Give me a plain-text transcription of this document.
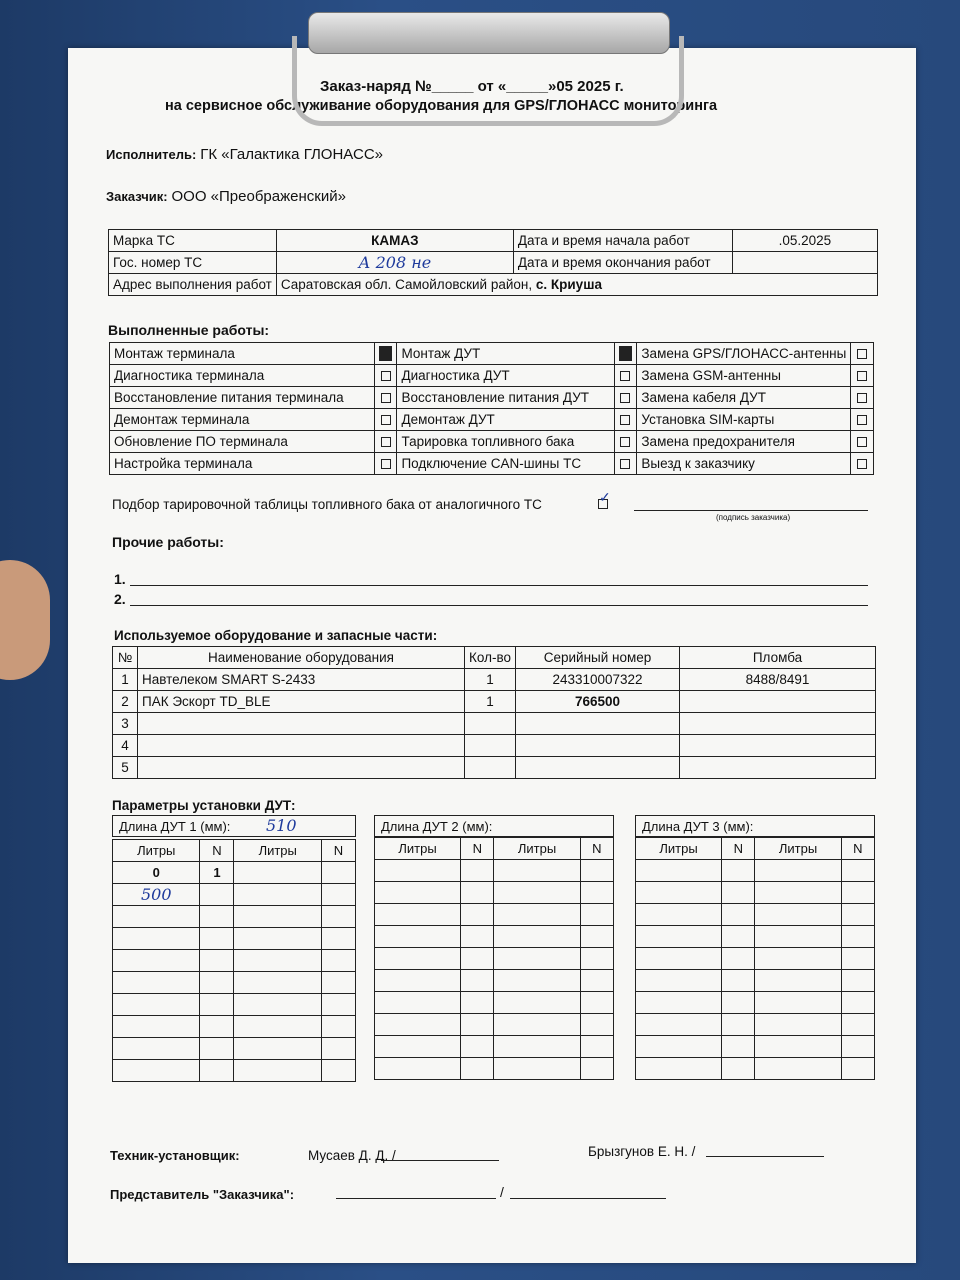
Заказ-наряд №_____ от «_____»05 2025 г.
на сервисное обслуживание оборудования для GPS/ГЛОНАСС мониторинга
Исполнитель: ГК «Галактика ГЛОНАСС»
Заказчик: ООО «Преображенский»
Марка ТС	КАМАЗ	Дата и время начала работ	.05.2025
Гос. номер ТС	А 208 не	Дата и время окончания работ	
Адрес выполнения работ	Саратовская обл. Самойловский район, с. Криуша		
Выполненные работы:
Монтаж терминала		Монтаж ДУТ		Замена GPS/ГЛОНАСС-антенны	
Диагностика терминала		Диагностика ДУТ		Замена GSM-антенны	
Восстановление питания терминала		Восстановление питания ДУТ		Замена кабеля ДУТ	
Демонтаж терминала		Демонтаж ДУТ		Установка SIM-карты	
Обновление ПО терминала		Тарировка топливного бака		Замена предохранителя	
Настройка терминала		Подключение CAN-шины ТС		Выезд к заказчику	
Подбор тарировочной таблицы топливного бака от аналогичного ТС	✓
(подпись заказчика)
Прочие работы:
1.
2.
Используемое оборудование и запасные части:
№	Наименование оборудования	Кол-во	Серийный номер	Пломба
1	Навтелеком SMART S-2433	1	243310007322	8488/8491
2	ПАК Эскорт TD_BLE	1	766500	
3				
4				
5				
Параметры установки ДУТ:
Длина ДУТ 1 (мм): 510
Литры	N	Литры	N
0	1		
500			

Длина ДУТ 2 (мм):
Литры	N	Литры	N

Длина ДУТ 3 (мм):
Литры	N	Литры	N

Техник-установщик:	Мусаев Д. Д. /	Брызгунов Е. Н. /
Представитель "Заказчика":	/
